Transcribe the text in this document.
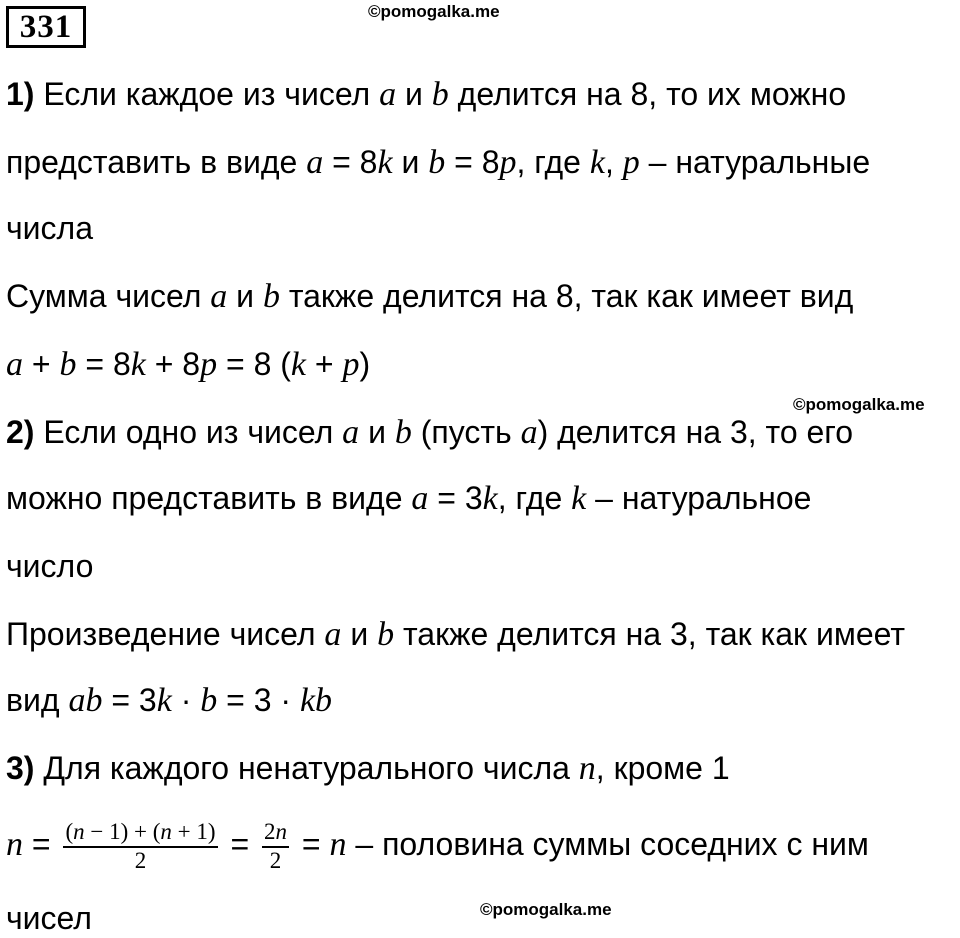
331	©pomogalka.me
©pomogalka.me
©pomogalka.me
1) Если каждое из чисел a и b делится на 8, то их можно
представить в виде a = 8k и b = 8p, где k, p – натуральные
числа
Сумма чисел a и b также делится на 8, так как имеет вид
a + b = 8k + 8p = 8 (k + p)
2) Если одно из чисел a и b (пусть a) делится на 3, то его
можно представить в виде a = 3k, где k – натуральное
число
Произведение чисел a и b также делится на 3, так как имеет
вид ab = 3k · b = 3 · kb
3) Для каждого ненатурального числа n, кроме 1
$n = \frac{(n - 1) + (n + 1)}{2} = \frac{2n}{2} = n$ – половина суммы соседних с ним
чисел
